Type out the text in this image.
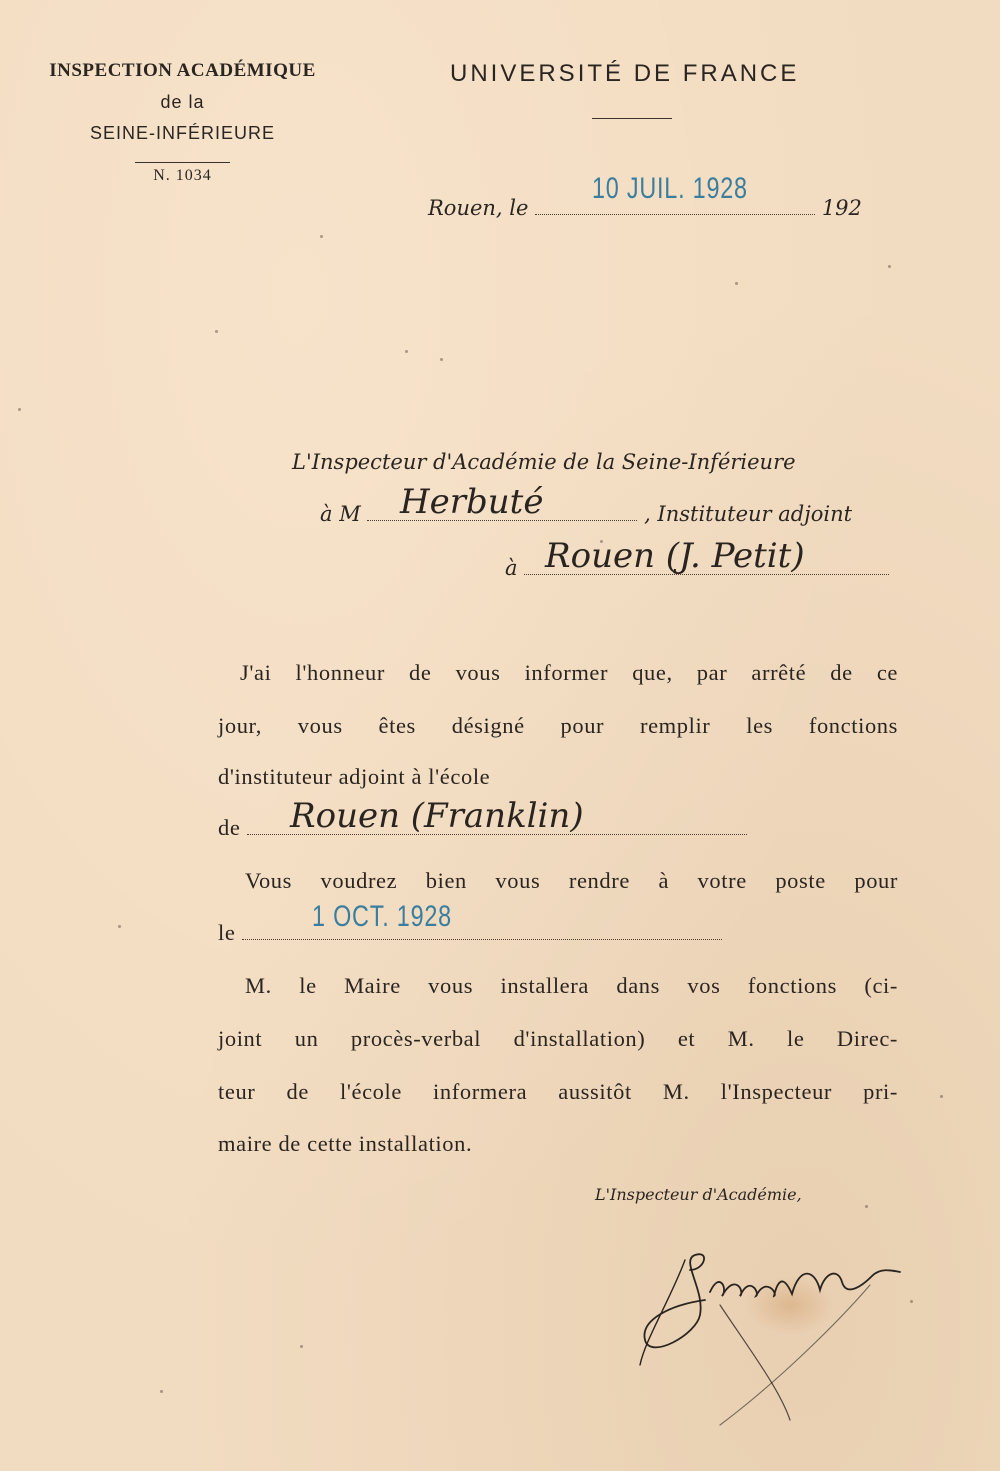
INSPECTION ACADÉMIQUE
de la
SEINE-INFÉRIEURE
N. 1034
UNIVERSITÉ DE FRANCE
Rouen, le	192
10 JUIL. 1928
L'Inspecteur d'Académie de la Seine-Inférieure
à M	, Instituteur adjoint
Herbuté
à Rouen (J. Petit)
J'ai l'honneur de vous informer que, par arrêté de ce
jour, vous êtes désigné pour remplir les fonctions
d'instituteur adjoint à l'école
de	Rouen (Franklin)
Vous voudrez bien vous rendre à votre poste pour
le	1 OCT. 1928
M. le Maire vous installera dans vos fonctions (ci-
joint un procès-verbal d'installation) et M. le Direc-
teur de l'école informera aussitôt M. l'Inspecteur pri-
maire de cette installation.
L'Inspecteur d'Académie,
